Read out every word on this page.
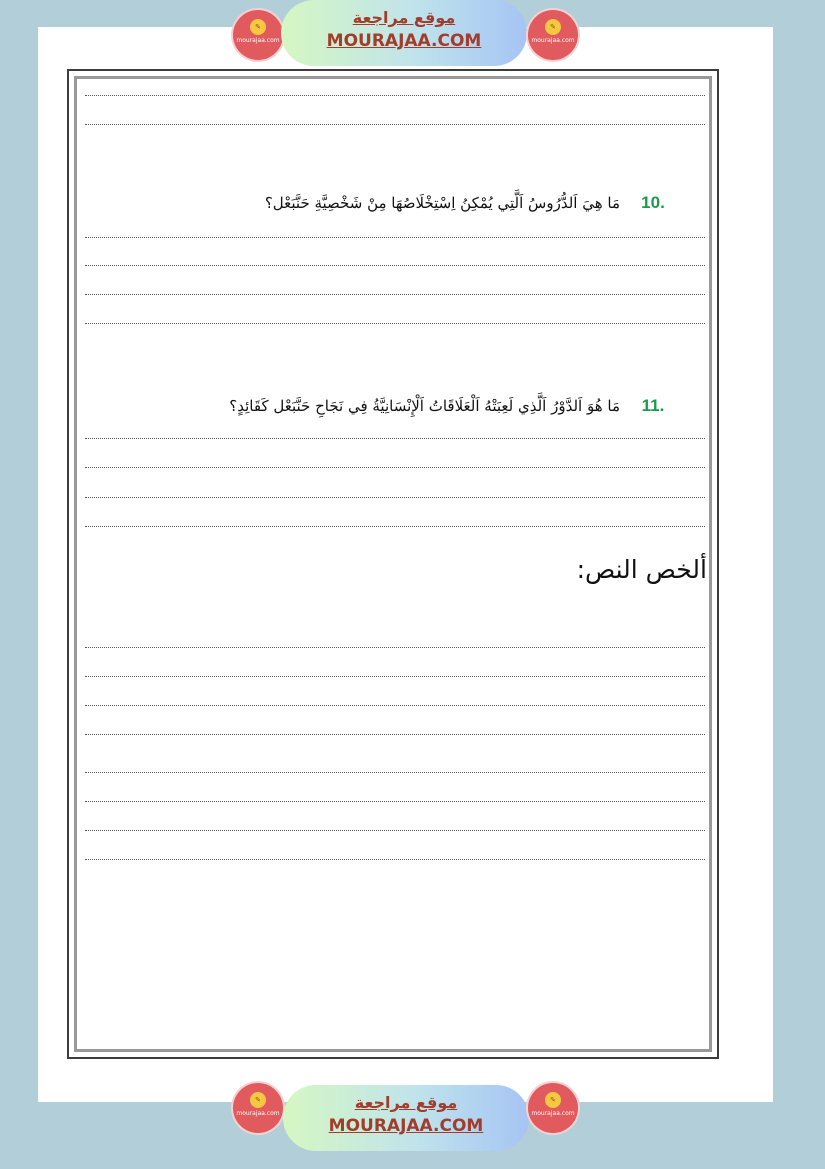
10.
مَا هِيَ اَلدُّرُوسُ اَلَّتِي يُمْكِنُ اِسْتِخْلَاصُهَا مِنْ شَخْصِيَّةِ حَنَّبَعْل؟
11.
مَا هُوَ اَلدَّوْرُ اَلَّذِي لَعِبَتْهُ اَلْعَلَاقَاتُ اَلْإِنْسَانِيَّةُ فِي نَجَاحِ حَنَّبَعْل كَقَائِدٍ؟
ألخص النص:
✎
mourajaa.com
موقع مراجعة
MOURAJAA.COM
✎
mourajaa.com
✎
mourajaa.com
موقع مراجعة
MOURAJAA.COM
✎
mourajaa.com
